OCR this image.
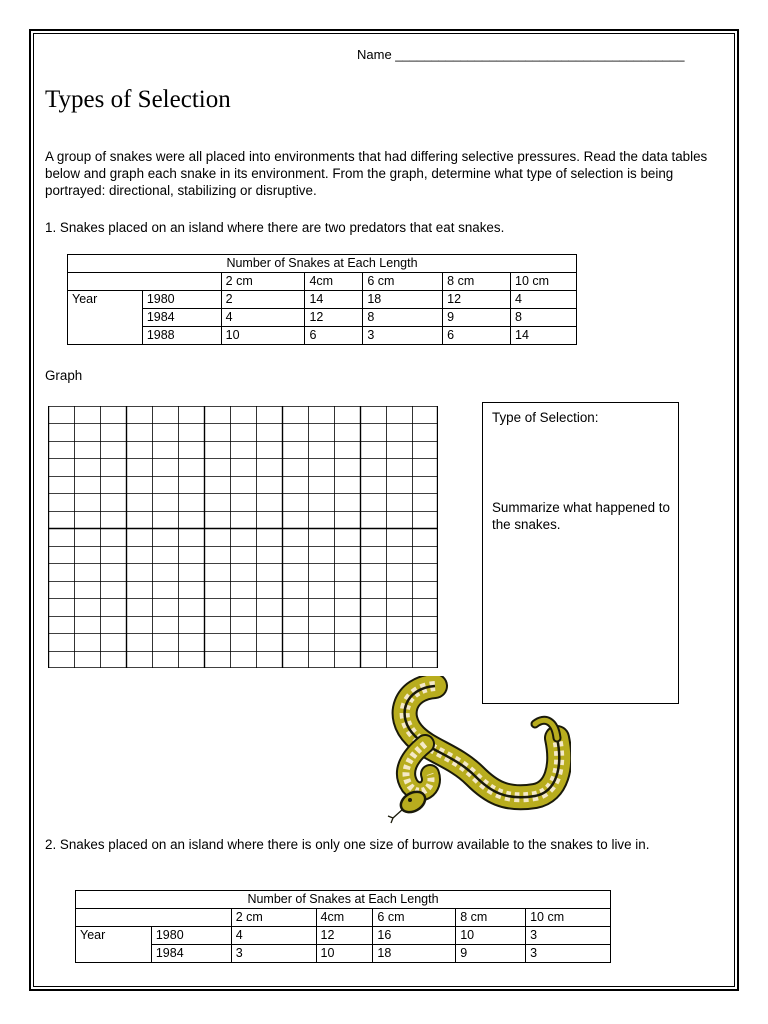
Name ________________________________________
Types of Selection
A group of snakes were all placed into environments that had differing selective pressures. Read the data tables below and graph each snake in its environment. From the graph, determine what type of selection is being portrayed: directional, stabilizing or disruptive.
1. Snakes placed on an island where there are two predators that eat snakes.
Number of Snakes at Each Length						
		2 cm	4cm	6 cm	8 cm	10 cm
Year	1980	2	14	18	12	4
	1984	4	12	8	9	8
	1988	10	6	3	6	14
Graph
Type of Selection:
Summarize what happened to the snakes.
2. Snakes placed on an island where there is only one size of burrow available to the snakes to live in.
Number of Snakes at Each Length						
		2 cm	4cm	6 cm	8 cm	10 cm
Year	1980	4	12	16	10	3
	1984	3	10	18	9	3
